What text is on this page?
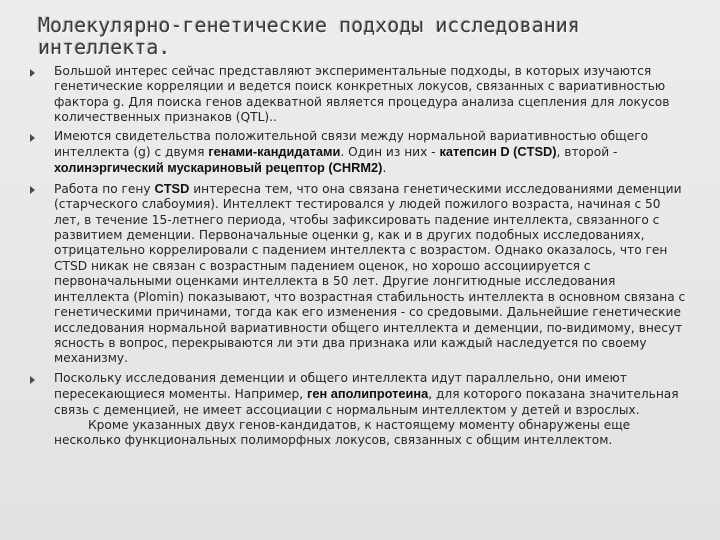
Молекулярно-генетические подходы исследования интеллекта.
Большой интерес сейчас представляют экспериментальные подходы, в которых изучаются генетические корреляции и ведется поиск конкретных локусов, связанных с вариативностью фактора g. Для поиска генов адекватной является процедура анализа сцепления для локусов количественных признаков (QTL)..
Имеются свидетельства положительной связи между нормальной вариативностью общего интеллекта (g) с двумя генами-кандидатами. Один из них - катепсин D (CTSD), второй - холинэргический мускариновый рецептор (CHRM2).
Работа по гену CTSD интересна тем, что она связана генетическими исследованиями деменции (старческого слабоумия). Интеллект тестировался у людей пожилого возраста, начиная с 50 лет, в течение 15-летнего периода, чтобы зафиксировать падение интеллекта, связанного с развитием деменции. Первоначальные оценки g, как и в других подобных исследованиях, отрицательно коррелировали с падением интеллекта с возрастом. Однако оказалось, что ген CTSD никак не связан с возрастным падением оценок, но хорошо ассоциируется с первоначальными оценками интеллекта в 50 лет. Другие лонгитюдные исследования интеллекта (Plomin) показывают, что возрастная стабильность интеллекта в основном связана с генетическими причинами, тогда как его изменения - со средовыми. Дальнейшие генетические исследования нормальной вариативности общего интеллекта и деменции, по-видимому, внесут ясность в вопрос, перекрываются ли эти два признака или каждый наследуется по своему механизму.
Поскольку исследования деменции и общего интеллекта идут параллельно, они имеют пересекающиеся моменты. Например, ген аполипротеина, для которого показана значительная связь с деменцией, не имеет ассоциации с нормальным интеллектом у детей и взрослых.
Кроме указанных двух генов-кандидатов, к настоящему моменту обнаружены еще несколько функциональных полиморфных локусов, связанных с общим интеллектом.
